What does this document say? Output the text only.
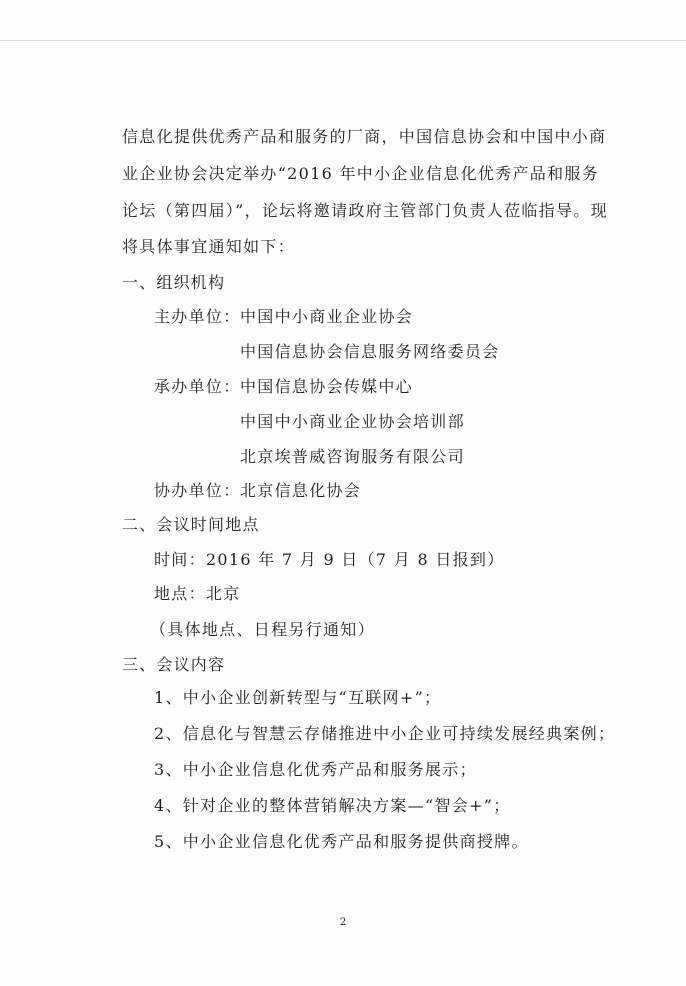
信息化提供优秀产品和服务的厂商，中国信息协会和中国中小商
业企业协会决定举办“2016 年中小企业信息化优秀产品和服务
论坛（第四届）”，论坛将邀请政府主管部门负责人莅临指导。现
将具体事宜通知如下：
一、组织机构
主办单位： 中国中小商业企业协会
中国信息协会信息服务网络委员会
承办单位： 中国信息协会传媒中心
中国中小商业企业协会培训部
北京埃普威咨询服务有限公司
协办单位： 北京信息化协会
二、会议时间地点
时间：2016 年 7 月 9 日（7 月 8 日报到）
地点：北京
（具体地点、日程另行通知）
三、会议内容
1、中小企业创新转型与“互联网+”；
2、信息化与智慧云存储推进中小企业可持续发展经典案例；
3、中小企业信息化优秀产品和服务展示；
4、针对企业的整体营销解决方案—“智会+”；
5、中小企业信息化优秀产品和服务提供商授牌。
2
